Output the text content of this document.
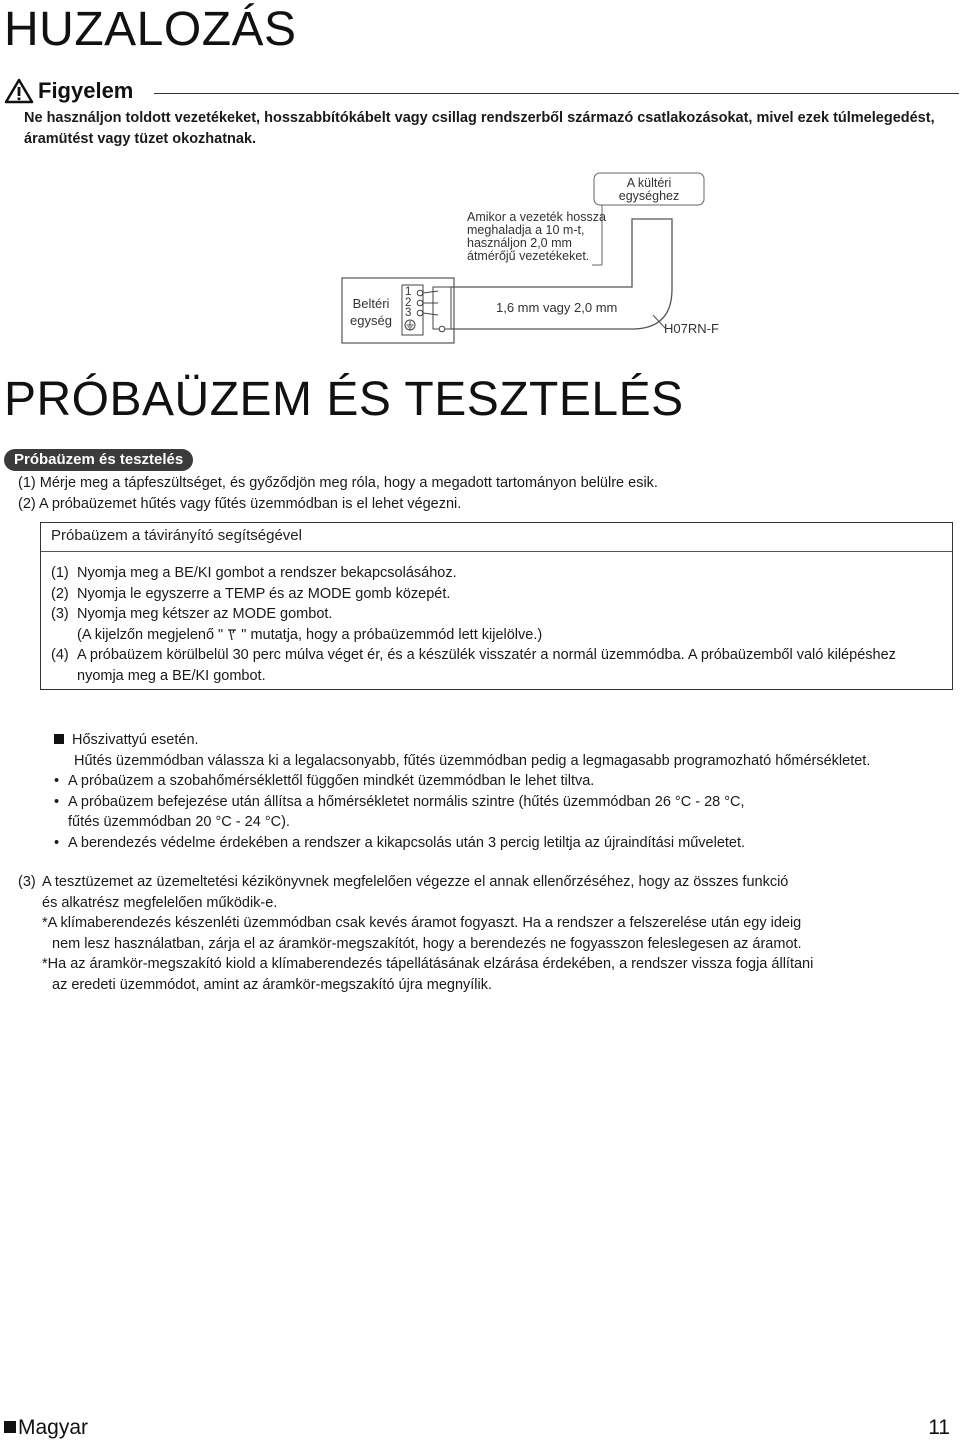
HUZALOZÁS
Figyelem
Ne használjon toldott vezetékeket, hosszabbítókábelt vagy csillag rendszerből származó csatlakozásokat, mivel ezek túlmelegedést, áramütést vagy tüzet okozhatnak.
A kültéri
egységhez
Amikor a vezeték hossza
meghaladja a 10 m-t,
használjon 2,0 mm
átmérőjű vezetékeket.
Beltéri
egység
1
2
3	1,6 mm vagy 2,0 mm
H07RN-F
PRÓBAÜZEM ÉS TESZTELÉS
Próbaüzem és tesztelés
(1) Mérje meg a tápfeszültséget, és győződjön meg róla, hogy a megadott tartományon belülre esik.
(2) A próbaüzemet hűtés vagy fűtés üzemmódban is el lehet végezni.
Próbaüzem a távirányító segítségével
(1) Nyomja meg a BE/KI gombot a rendszer bekapcsolásához.
(2) Nyomja le egyszerre a TEMP és az MODE gomb közepét.
(3) Nyomja meg kétszer az MODE gombot.
(A kijelzőn megjelenő "  " mutatja, hogy a próbaüzemmód lett kijelölve.)
(4) A próbaüzem körülbelül 30 perc múlva véget ér, és a készülék visszatér a normál üzemmódba. A próbaüzemből való kilépéshez nyomja meg a BE/KI gombot.
Hőszivattyú esetén.
Hűtés üzemmódban válassza ki a legalacsonyabb, fűtés üzemmódban pedig a legmagasabb programozható hőmérsékletet.
• A próbaüzem a szobahőmérséklettől függően mindkét üzemmódban le lehet tiltva.
• A próbaüzem befejezése után állítsa a hőmérsékletet normális szintre (hűtés üzemmódban 26 °C - 28 °C,
fűtés üzemmódban 20 °C - 24 °C).
• A berendezés védelme érdekében a rendszer a kikapcsolás után 3 percig letiltja az újraindítási műveletet.
(3) A tesztüzemet az üzemeltetési kézikönyvnek megfelelően végezze el annak ellenőrzéséhez, hogy az összes funkció
és alkatrész megfelelően működik-e.
*A klímaberendezés készenléti üzemmódban csak kevés áramot fogyaszt. Ha a rendszer a felszerelése után egy ideig
nem lesz használatban, zárja el az áramkör-megszakítót, hogy a berendezés ne fogyasszon feleslegesen az áramot.
*Ha az áramkör-megszakító kiold a klímaberendezés tápellátásának elzárása érdekében, a rendszer vissza fogja állítani
az eredeti üzemmódot, amint az áramkör-megszakító újra megnyílik.
Magyar	11
